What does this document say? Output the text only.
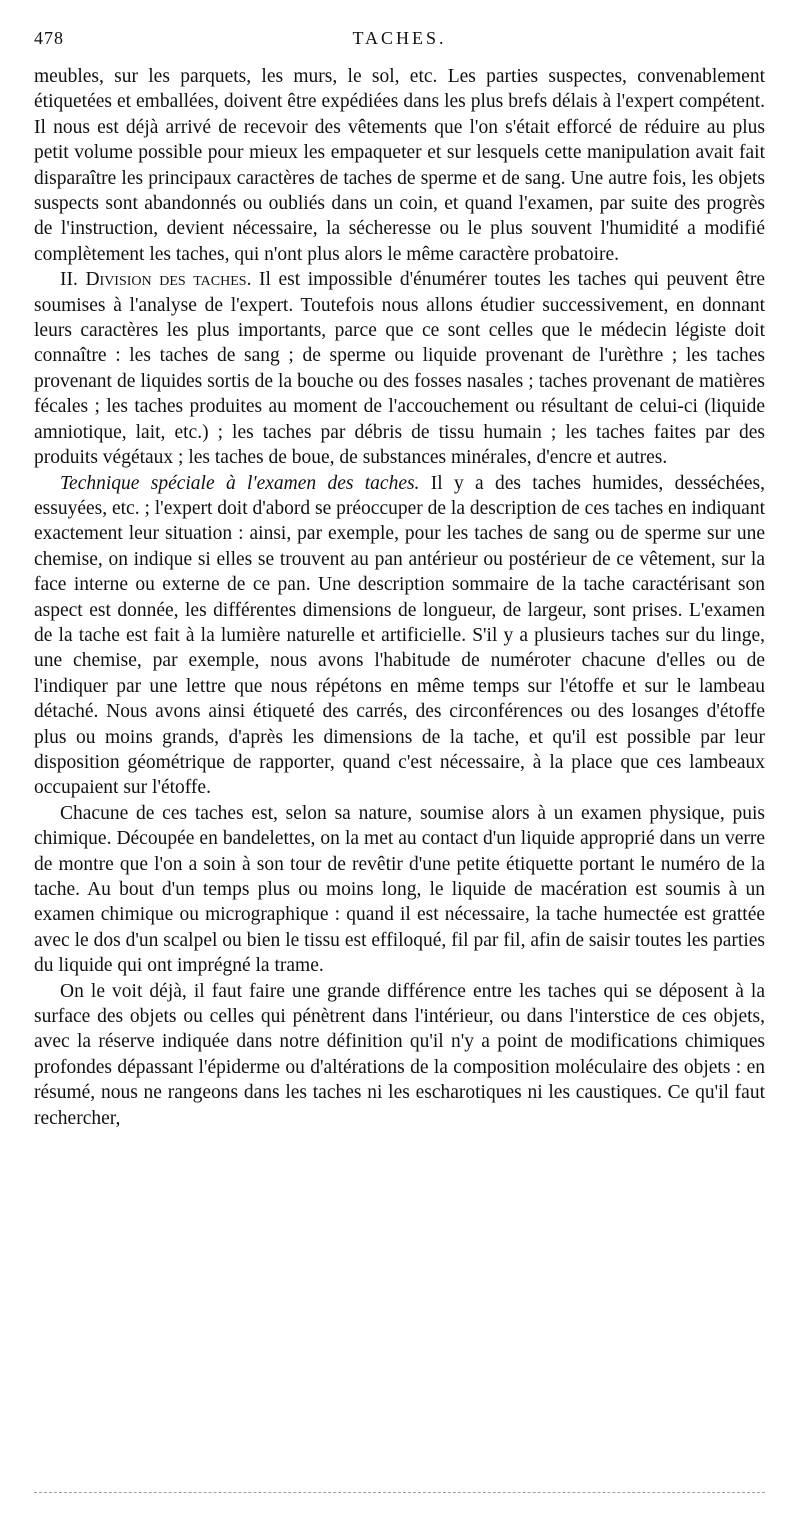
478	TACHES.

meubles, sur les parquets, les murs, le sol, etc. Les parties suspectes, convenablement étiquetées et emballées, doivent être expédiées dans les plus brefs délais à l'expert compétent. Il nous est déjà arrivé de recevoir des vêtements que l'on s'était efforcé de réduire au plus petit volume possible pour mieux les empaqueter et sur lesquels cette manipulation avait fait disparaître les principaux caractères de taches de sperme et de sang. Une autre fois, les objets suspects sont abandonnés ou oubliés dans un coin, et quand l'examen, par suite des progrès de l'instruction, devient nécessaire, la sécheresse ou le plus souvent l'humidité a modifié complètement les taches, qui n'ont plus alors le même caractère probatoire.

II. Division des taches. Il est impossible d'énumérer toutes les taches qui peuvent être soumises à l'analyse de l'expert. Toutefois nous allons étudier successivement, en donnant leurs caractères les plus importants, parce que ce sont celles que le médecin légiste doit connaître : les taches de sang ; de sperme ou liquide provenant de l'urèthre ; les taches provenant de liquides sortis de la bouche ou des fosses nasales ; taches provenant de matières fécales ; les taches produites au moment de l'accouchement ou résultant de celui-ci (liquide amniotique, lait, etc.) ; les taches par débris de tissu humain ; les taches faites par des produits végétaux ; les taches de boue, de substances minérales, d'encre et autres.

Technique spéciale à l'examen des taches. Il y a des taches humides, desséchées, essuyées, etc. ; l'expert doit d'abord se préoccuper de la description de ces taches en indiquant exactement leur situation : ainsi, par exemple, pour les taches de sang ou de sperme sur une chemise, on indique si elles se trouvent au pan antérieur ou postérieur de ce vêtement, sur la face interne ou externe de ce pan. Une description sommaire de la tache caractérisant son aspect est donnée, les différentes dimensions de longueur, de largeur, sont prises. L'examen de la tache est fait à la lumière naturelle et artificielle. S'il y a plusieurs taches sur du linge, une chemise, par exemple, nous avons l'habitude de numéroter chacune d'elles ou de l'indiquer par une lettre que nous répétons en même temps sur l'étoffe et sur le lambeau détaché. Nous avons ainsi étiqueté des carrés, des circonférences ou des losanges d'étoffe plus ou moins grands, d'après les dimensions de la tache, et qu'il est possible par leur disposition géométrique de rapporter, quand c'est nécessaire, à la place que ces lambeaux occupaient sur l'étoffe.

Chacune de ces taches est, selon sa nature, soumise alors à un examen physique, puis chimique. Découpée en bandelettes, on la met au contact d'un liquide approprié dans un verre de montre que l'on a soin à son tour de revêtir d'une petite étiquette portant le numéro de la tache. Au bout d'un temps plus ou moins long, le liquide de macération est soumis à un examen chimique ou micrographique : quand il est nécessaire, la tache humectée est grattée avec le dos d'un scalpel ou bien le tissu est effiloqué, fil par fil, afin de saisir toutes les parties du liquide qui ont imprégné la trame.

On le voit déjà, il faut faire une grande différence entre les taches qui se déposent à la surface des objets ou celles qui pénètrent dans l'intérieur, ou dans l'interstice de ces objets, avec la réserve indiquée dans notre définition qu'il n'y a point de modifications chimiques profondes dépassant l'épiderme ou d'altérations de la composition moléculaire des objets : en résumé, nous ne rangeons dans les taches ni les escharotiques ni les caustiques. Ce qu'il faut rechercher,
